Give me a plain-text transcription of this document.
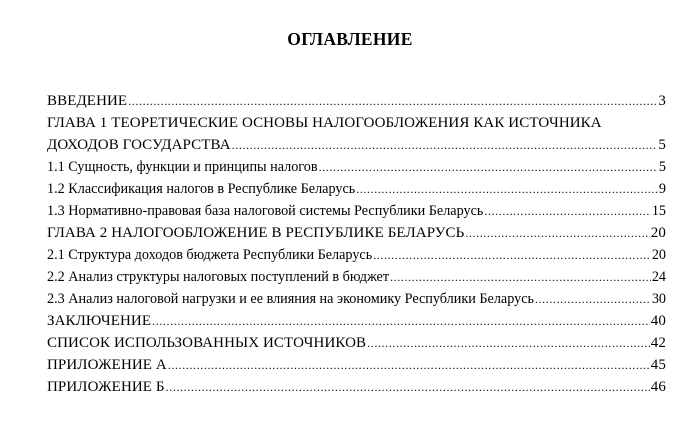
ОГЛАВЛЕНИЕ
ВВЕДЕНИЕ .....	3
ГЛАВА 1 ТЕОРЕТИЧЕСКИЕ ОСНОВЫ НАЛОГООБЛОЖЕНИЯ КАК ИСТОЧНИКА
ДОХОДОВ ГОСУДАРСТВА .....	5
1.1 Сущность, функции и принципы налогов .....	5
1.2 Классификация налогов в Республике Беларусь .....	9
1.3 Нормативно-правовая база налоговой системы Республики Беларусь .....	15
ГЛАВА 2 НАЛОГООБЛОЖЕНИЕ В РЕСПУБЛИКЕ БЕЛАРУСЬ .....	20
2.1 Структура доходов бюджета Республики Беларусь .....	20
2.2 Анализ структуры налоговых поступлений в бюджет .....	24
2.3 Анализ налоговой нагрузки и ее влияния на экономику Республики Беларусь .....	30
ЗАКЛЮЧЕНИЕ .....	40
СПИСОК ИСПОЛЬЗОВАННЫХ ИСТОЧНИКОВ .....	42
ПРИЛОЖЕНИЕ А .....	45
ПРИЛОЖЕНИЕ Б .....	46
